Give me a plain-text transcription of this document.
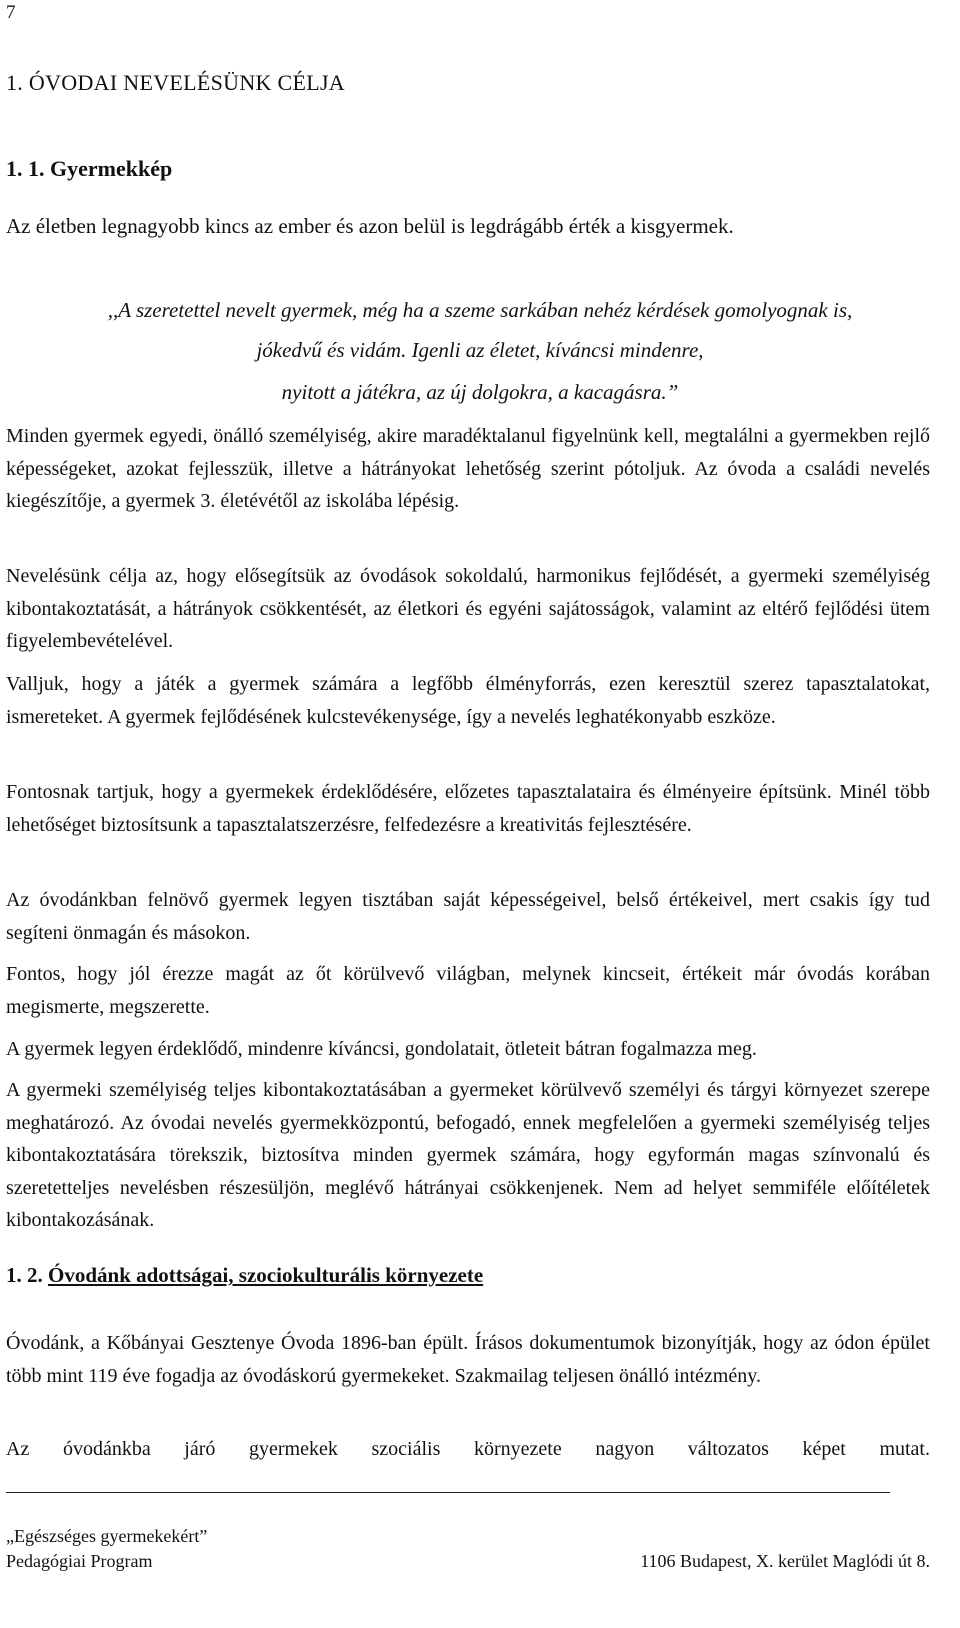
7
1. ÓVODAI NEVELÉSÜNK CÉLJA
1. 1. Gyermekkép
Az életben legnagyobb kincs az ember és azon belül is legdrágább érték a kisgyermek.
,,A szeretettel nevelt gyermek, még ha a szeme sarkában nehéz kérdések gomolyognak is,
jókedvű és vidám. Igenli az életet, kíváncsi mindenre,
nyitott a játékra, az új dolgokra, a kacagásra.”
Minden gyermek egyedi, önálló személyiség, akire maradéktalanul figyelnünk kell, megtalálni a gyermekben rejlő képességeket, azokat fejlesszük, illetve a hátrányokat lehetőség szerint pótoljuk. Az óvoda a családi nevelés kiegészítője, a gyermek 3. életévétől az iskolába lépésig.
Nevelésünk célja az, hogy elősegítsük az óvodások sokoldalú, harmonikus fejlődését, a gyermeki személyiség kibontakoztatását, a hátrányok csökkentését, az életkori és egyéni sajátosságok, valamint az eltérő fejlődési ütem figyelembevételével.
Valljuk, hogy a játék a gyermek számára a legfőbb élményforrás, ezen keresztül szerez tapasztalatokat, ismereteket. A gyermek fejlődésének kulcstevékenysége, így a nevelés leghatékonyabb eszköze.
Fontosnak tartjuk, hogy a gyermekek érdeklődésére, előzetes tapasztalataira és élményeire építsünk. Minél több lehetőséget biztosítsunk a tapasztalatszerzésre, felfedezésre a kreativitás fejlesztésére.
Az óvodánkban felnövő gyermek legyen tisztában saját képességeivel, belső értékeivel, mert csakis így tud segíteni önmagán és másokon.
Fontos, hogy jól érezze magát az őt körülvevő világban, melynek kincseit, értékeit már óvodás korában megismerte, megszerette.
A gyermek legyen érdeklődő, mindenre kíváncsi, gondolatait, ötleteit bátran fogalmazza meg.
A gyermeki személyiség teljes kibontakoztatásában a gyermeket körülvevő személyi és tárgyi környezet szerepe meghatározó. Az óvodai nevelés gyermekközpontú, befogadó, ennek megfelelően a gyermeki személyiség teljes kibontakoztatására törekszik, biztosítva minden gyermek számára, hogy egyformán magas színvonalú és szeretetteljes nevelésben részesüljön, meglévő hátrányai csökkenjenek. Nem ad helyet semmiféle előítéletek kibontakozásának.
1. 2. Óvodánk adottságai, szociokulturális környezete
Óvodánk, a Kőbányai Gesztenye Óvoda 1896-ban épült. Írásos dokumentumok bizonyítják, hogy az ódon épület több mint 119 éve fogadja az óvodáskorú gyermekeket. Szakmailag teljesen önálló intézmény.
Az óvodánkba járó gyermekek szociális környezete nagyon változatos képet mutat.
„Egészséges gyermekekért”
Pedagógiai Program	1106 Budapest, X. kerület Maglódi út 8.
